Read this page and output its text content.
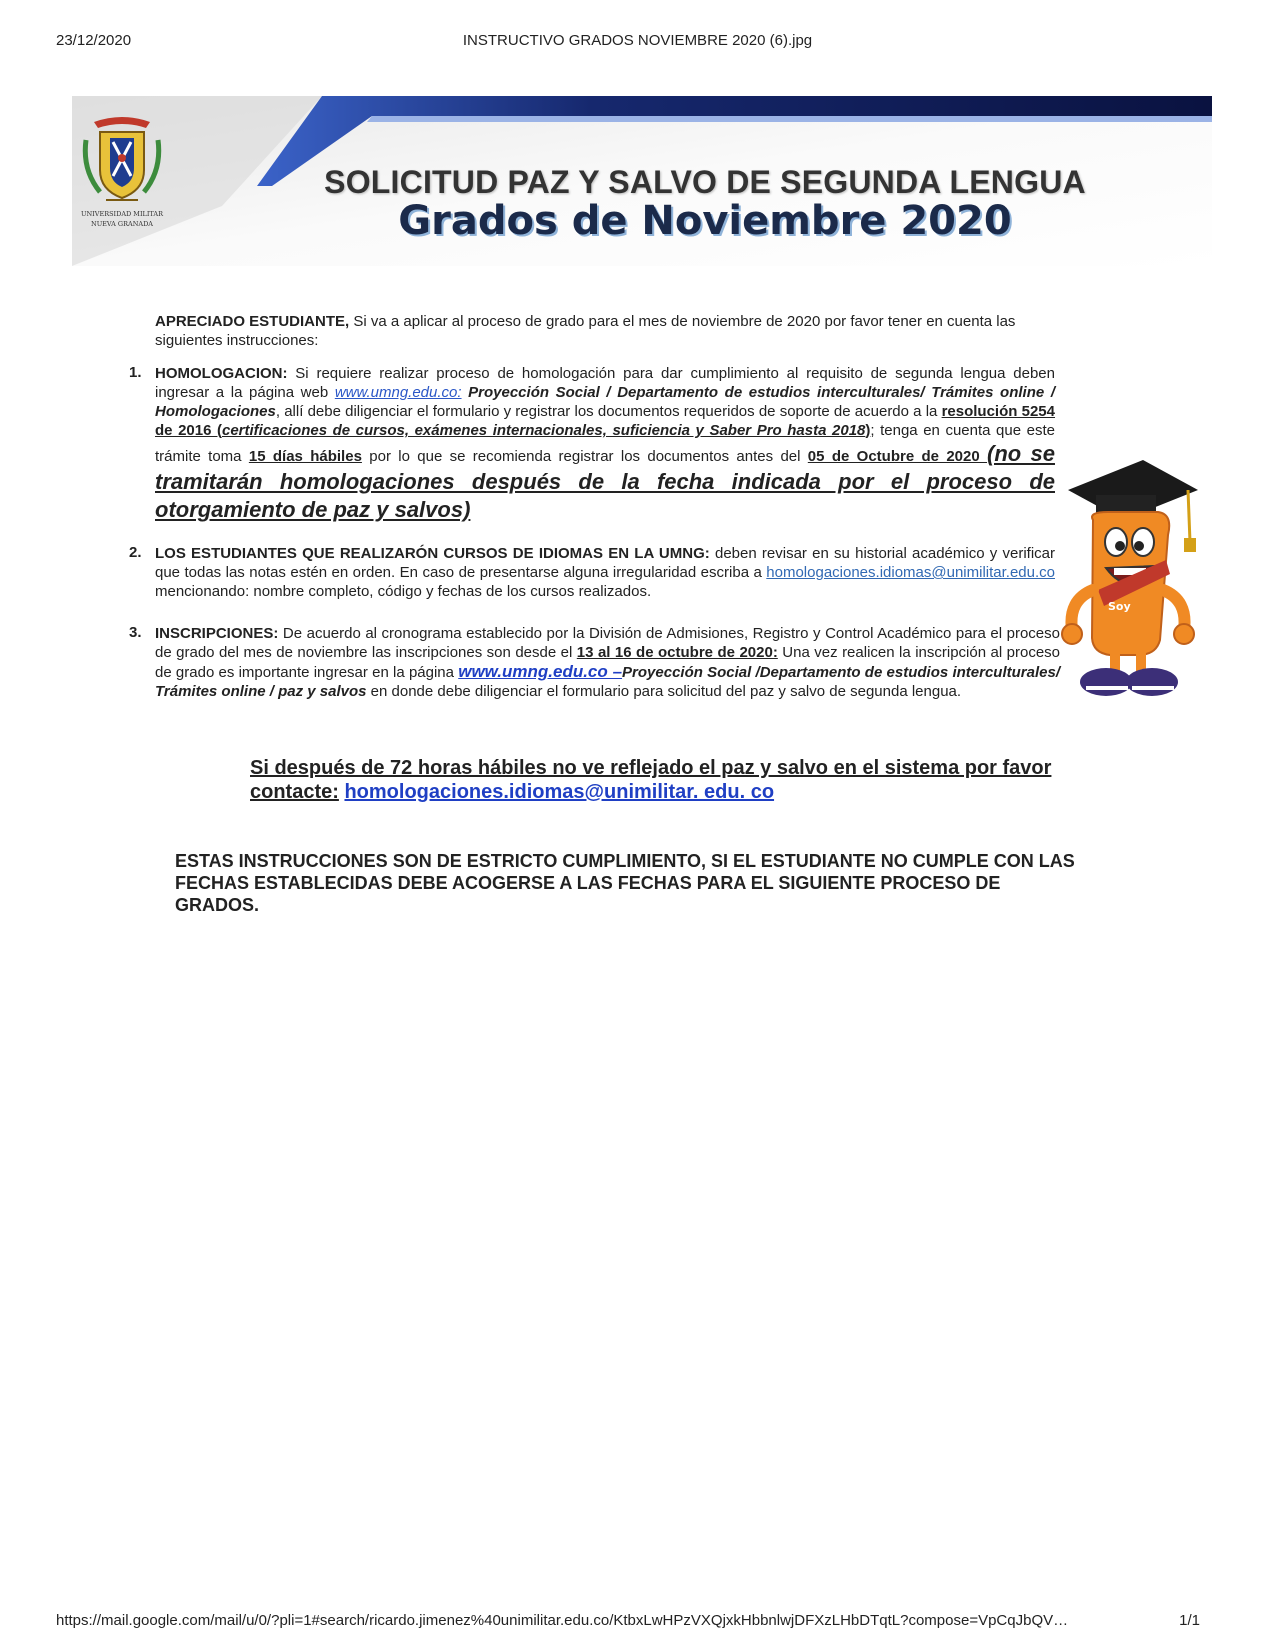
23/12/2020	INSTRUCTIVO GRADOS NOVIEMBRE 2020 (6).jpg
UNIVERSIDAD MILITAR
NUEVA GRANADA
SOLICITUD PAZ Y SALVO DE SEGUNDA LENGUA
Grados de Noviembre 2020
APRECIADO ESTUDIANTE, Si va a aplicar al proceso de grado para el mes de noviembre de 2020 por favor tener en cuenta las siguientes instrucciones:
1. HOMOLOGACION: Si requiere realizar proceso de homologación para dar cumplimiento al requisito de segunda lengua deben ingresar a la página web www.umng.edu.co: Proyección Social / Departamento de estudios interculturales/ Trámites online / Homologaciones, allí debe diligenciar el formulario y registrar los documentos requeridos de soporte de acuerdo a la resolución 5254 de 2016 (certificaciones de cursos, exámenes internacionales, suficiencia y Saber Pro hasta 2018); tenga en cuenta que este trámite toma 15 días hábiles por lo que se recomienda registrar los documentos antes del 05 de Octubre de 2020 (no se tramitarán homologaciones después de la fecha indicada por el proceso de otorgamiento de paz y salvos)
2. LOS ESTUDIANTES QUE REALIZARÓN CURSOS DE IDIOMAS EN LA UMNG: deben revisar en su historial académico y verificar que todas las notas estén en orden. En caso de presentarse alguna irregularidad escriba a homologaciones.idiomas@unimilitar.edu.co mencionando: nombre completo, código y fechas de los cursos realizados.
3. INSCRIPCIONES: De acuerdo al cronograma establecido por la División de Admisiones, Registro y Control Académico para el proceso de grado del mes de noviembre las inscripciones son desde el 13 al 16 de octubre de 2020: Una vez realicen la inscripción al proceso de grado es importante ingresar en la página www.umng.edu.co –Proyección Social /Departamento de estudios interculturales/ Trámites online / paz y salvos en donde debe diligenciar el formulario para solicitud del paz y salvo de segunda lengua.
Soy
Si después de 72 horas hábiles no ve reflejado el paz y salvo en el sistema por favor contacte: homologaciones.idiomas@unimilitar. edu. co
ESTAS INSTRUCCIONES SON DE ESTRICTO CUMPLIMIENTO, SI EL ESTUDIANTE NO CUMPLE CON LAS FECHAS ESTABLECIDAS DEBE ACOGERSE A LAS FECHAS PARA EL SIGUIENTE PROCESO DE GRADOS.
https://mail.google.com/mail/u/0/?pli=1#search/ricardo.jimenez%40unimilitar.edu.co/KtbxLwHPzVXQjxkHbbnlwjDFXzLHbDTqtL?compose=VpCqJbQV…	1/1
